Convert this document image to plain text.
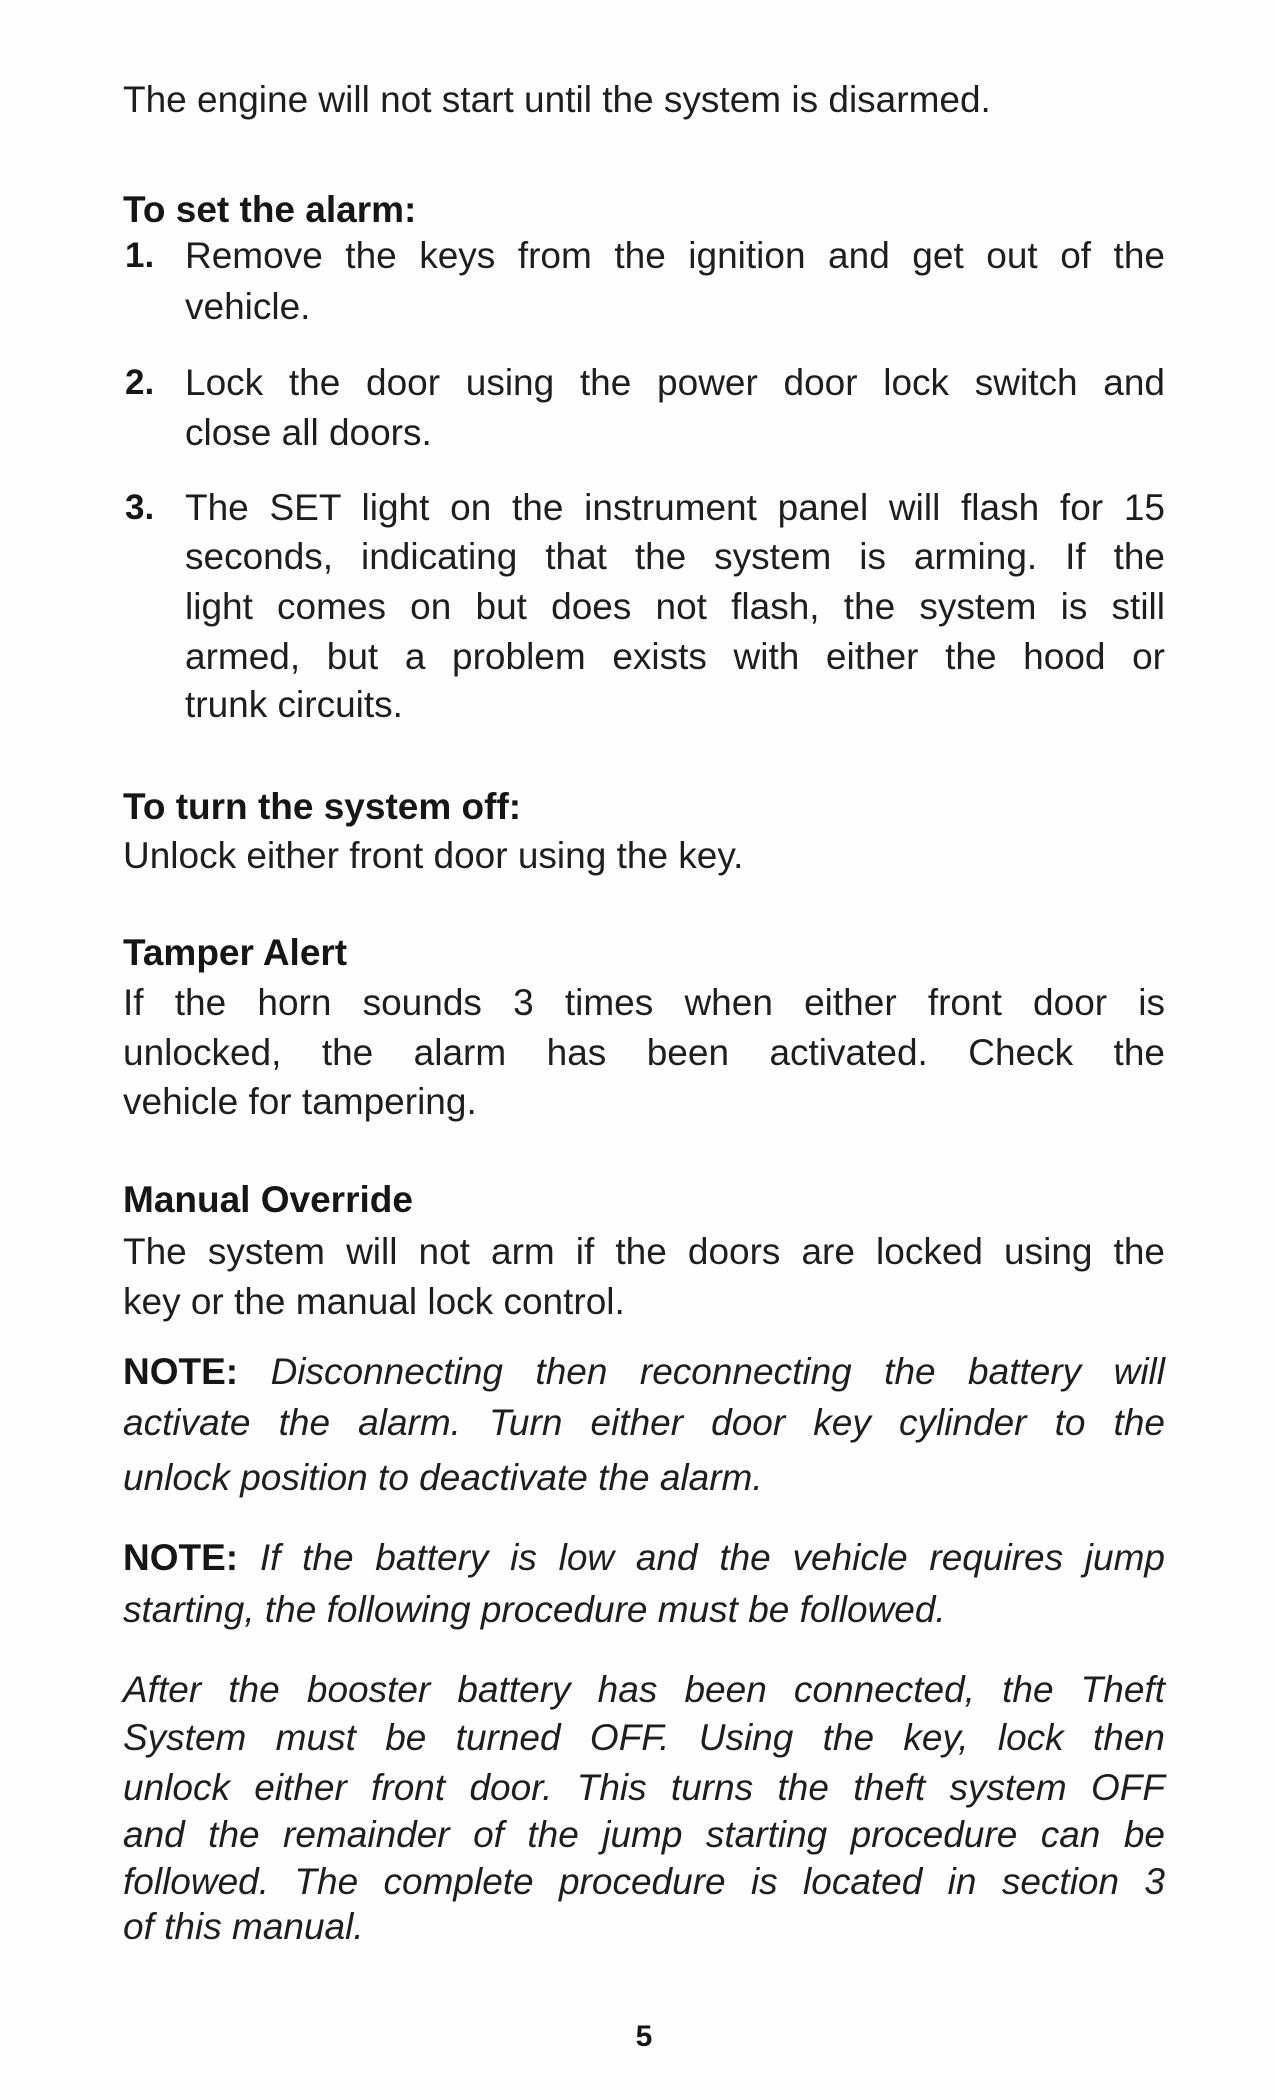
The engine will not start until the system is disarmed.
To set the alarm:
1. Remove the keys from the ignition and get out of the
vehicle.
2. Lock the door using the power door lock switch and
close all doors.
3. The SET light on the instrument panel will flash for 15
seconds, indicating that the system is arming. If the
light comes on but does not flash, the system is still
armed, but a problem exists with either the hood or
trunk circuits.
To turn the system off:
Unlock either front door using the key.
Tamper Alert
If the horn sounds 3 times when either front door is
unlocked, the alarm has been activated. Check the
vehicle for tampering.
Manual Override
The system will not arm if the doors are locked using the
key or the manual lock control.
NOTE: Disconnecting then reconnecting the battery will
activate the alarm. Turn either door key cylinder to the
unlock position to deactivate the alarm.
NOTE: If the battery is low and the vehicle requires jump
starting, the following procedure must be followed.
After the booster battery has been connected, the Theft
System must be turned OFF. Using the key, lock then
unlock either front door. This turns the theft system OFF
and the remainder of the jump starting procedure can be
followed. The complete procedure is located in section 3
of this manual.
5
